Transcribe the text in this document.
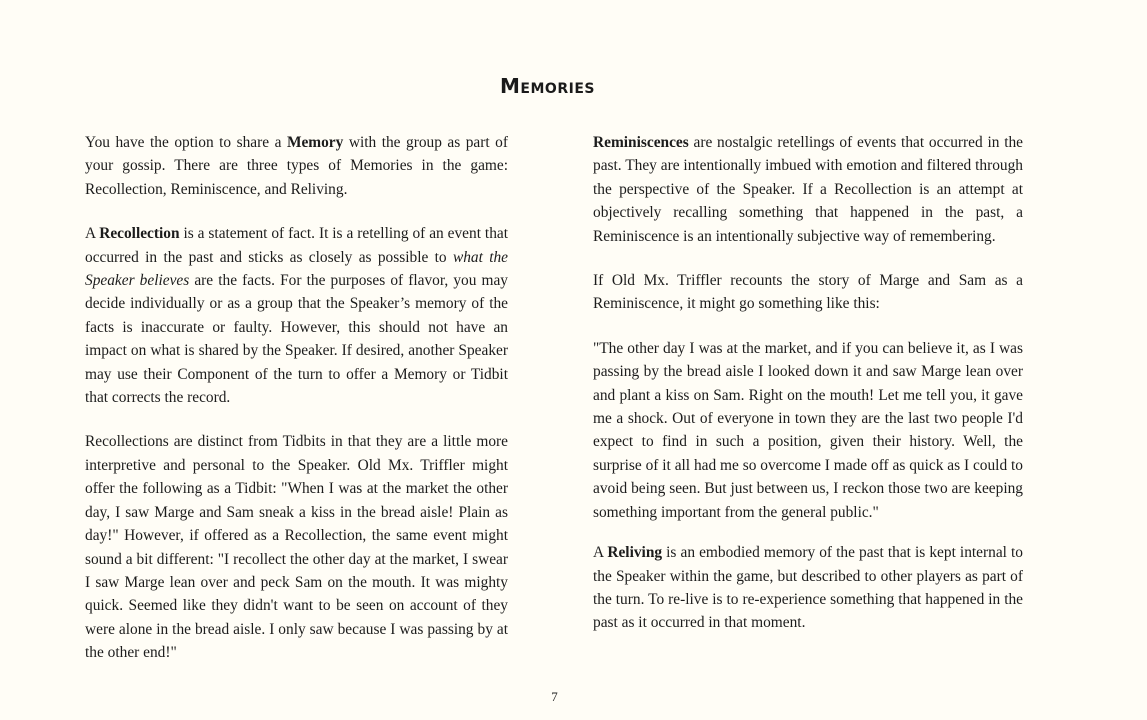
Memories

You have the option to share a Memory with the group as part of your gossip. There are three types of Memories in the game: Recollection, Reminiscence, and Reliving.

A Recollection is a statement of fact. It is a retelling of an event that occurred in the past and sticks as closely as possible to what the Speaker believes are the facts. For the purposes of flavor, you may decide individually or as a group that the Speaker’s memory of the facts is inaccurate or faulty. However, this should not have an impact on what is shared by the Speaker. If desired, another Speaker may use their Component of the turn to offer a Memory or Tidbit that corrects the record.

Recollections are distinct from Tidbits in that they are a little more interpretive and personal to the Speaker. Old Mx. Triffler might offer the following as a Tidbit: "When I was at the market the other day, I saw Marge and Sam sneak a kiss in the bread aisle! Plain as day!" However, if offered as a Recollection, the same event might sound a bit different: "I recollect the other day at the market, I swear I saw Marge lean over and peck Sam on the mouth. It was mighty quick. Seemed like they didn't want to be seen on account of they were alone in the bread aisle. I only saw because I was passing by at the other end!"

Reminiscences are nostalgic retellings of events that occurred in the past. They are intentionally imbued with emotion and filtered through the perspective of the Speaker. If a Recollection is an attempt at objectively recalling something that happened in the past, a Reminiscence is an intentionally subjective way of remembering.

If Old Mx. Triffler recounts the story of Marge and Sam as a Reminiscence, it might go something like this:

"The other day I was at the market, and if you can believe it, as I was passing by the bread aisle I looked down it and saw Marge lean over and plant a kiss on Sam. Right on the mouth! Let me tell you, it gave me a shock. Out of everyone in town they are the last two people I'd expect to find in such a position, given their history. Well, the surprise of it all had me so overcome I made off as quick as I could to avoid being seen. But just between us, I reckon those two are keeping something important from the general public."

A Reliving is an embodied memory of the past that is kept internal to the Speaker within the game, but described to other players as part of the turn. To re-live is to re-experience something that happened in the past as it occurred in that moment.

7
